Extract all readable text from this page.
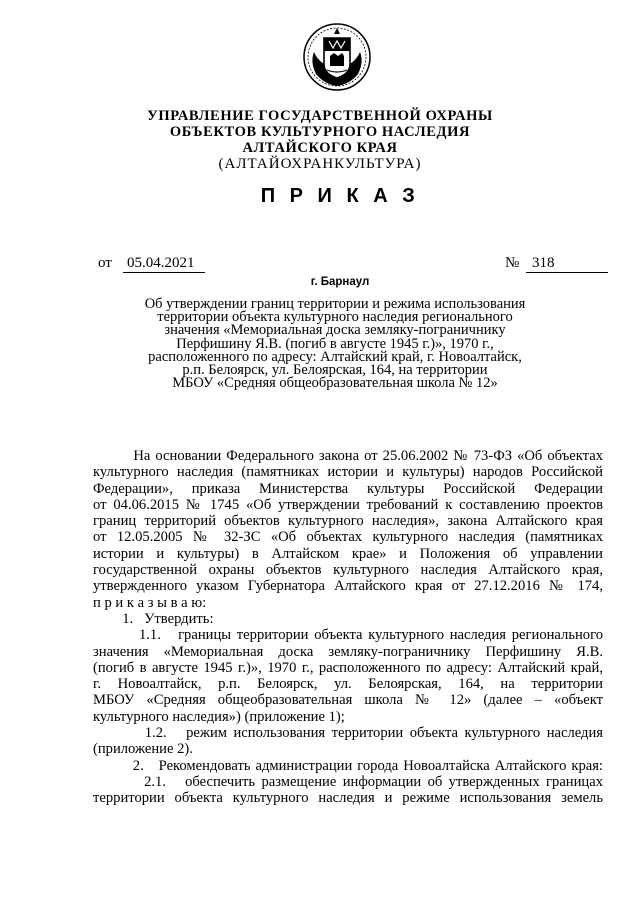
УПРАВЛЕНИЕ ГОСУДАРСТВЕННОЙ ОХРАНЫ
ОБЪЕКТОВ КУЛЬТУРНОГО НАСЛЕДИЯ
АЛТАЙСКОГО КРАЯ
(АЛТАЙОХРАНКУЛЬТУРА)
П Р И К А З
от 05.04.2021	№ 318
г. Барнаул
Об утверждении границ территории и режима использования
территории объекта культурного наследия регионального
значения «Мемориальная доска земляку-пограничнику
Перфишину Я.В. (погиб в августе 1945 г.)», 1970 г.,
расположенного по адресу: Алтайский край, г. Новоалтайск,
р.п. Белоярск, ул. Белоярская, 164, на территории
МБОУ «Средняя общеобразовательная школа № 12»
На основании Федерального закона от 25.06.2002 № 73-ФЗ «Об объектах
культурного наследия (памятниках истории и культуры) народов Российской
Федерации», приказа Министерства культуры Российской Федерации
от 04.06.2015 № 1745 «Об утверждении требований к составлению проектов
границ территорий объектов культурного наследия», закона Алтайского края
от 12.05.2005 № 32-ЗС «Об объектах культурного наследия (памятниках
истории и культуры) в Алтайском крае» и Положения об управлении
государственной охраны объектов культурного наследия Алтайского края,
утвержденного указом Губернатора Алтайского края от 27.12.2016 № 174,
п р и к а з ы в а ю:
1.   Утвердить:
1.1.   границы территории объекта культурного наследия регионального
значения «Мемориальная доска земляку-пограничнику Перфишину Я.В.
(погиб в августе 1945 г.)», 1970 г., расположенного по адресу: Алтайский край,
г. Новоалтайск, р.п. Белоярск, ул. Белоярская, 164, на территории
МБОУ «Средняя общеобразовательная школа № 12» (далее – «объект
культурного наследия») (приложение 1);
1.2.   режим использования территории объекта культурного наследия
(приложение 2).
2.   Рекомендовать администрации города Новоалтайска Алтайского края:
2.1.   обеспечить размещение информации об утвержденных границах
территории объекта культурного наследия и режиме использования земель
